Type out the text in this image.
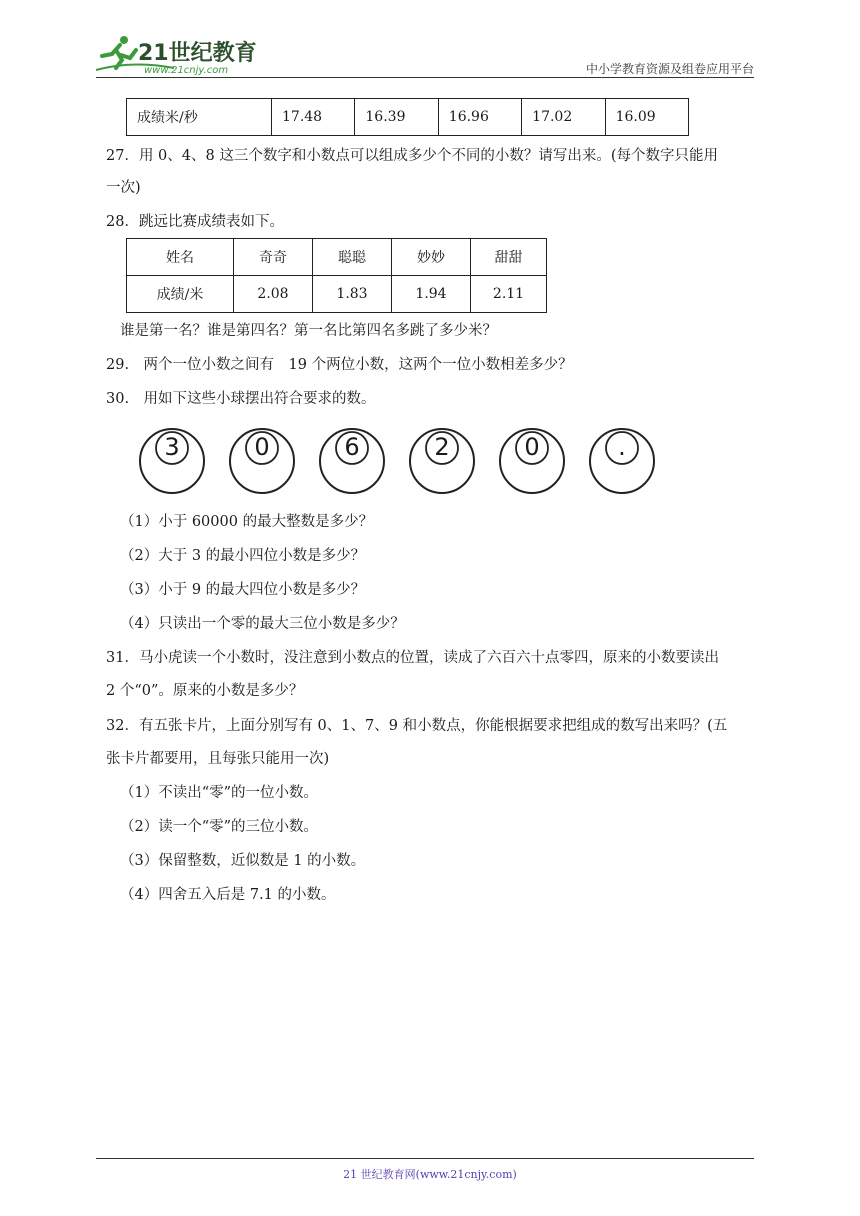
21世纪教育
www.21cnjy.com	中小学教育资源及组卷应用平台
成绩米/秒	17.48	16.39	16.96	17.02	16.09
27．用 0、4、8 这三个数字和小数点可以组成多少个不同的小数？请写出来。(每个数字只能用
一次)
28．跳远比赛成绩表如下。
姓名	奇奇	聪聪	妙妙	甜甜
成绩/米	2.08	1.83	1.94	2.11
谁是第一名？谁是第四名？第一名比第四名多跳了多少米？
29.　两个一位小数之间有　19 个两位小数，这两个一位小数相差多少？
30.　用如下这些小球摆出符合要求的数。
3	0	6	2	0	.
（1）小于 60000 的最大整数是多少？
（2）大于 3 的最小四位小数是多少？
（3）小于 9 的最大四位小数是多少？
（4）只读出一个零的最大三位小数是多少？
31．马小虎读一个小数时，没注意到小数点的位置，读成了六百六十点零四，原来的小数要读出
2 个“0”。原来的小数是多少？
32．有五张卡片，上面分别写有 0、1、7、9 和小数点，你能根据要求把组成的数写出来吗？(五
张卡片都要用，且每张只能用一次)
（1）不读出“零”的一位小数。
（2）读一个“零”的三位小数。
（3）保留整数，近似数是 1 的小数。
（4）四舍五入后是 7.1 的小数。
21 世纪教育网(www.21cnjy.com)
